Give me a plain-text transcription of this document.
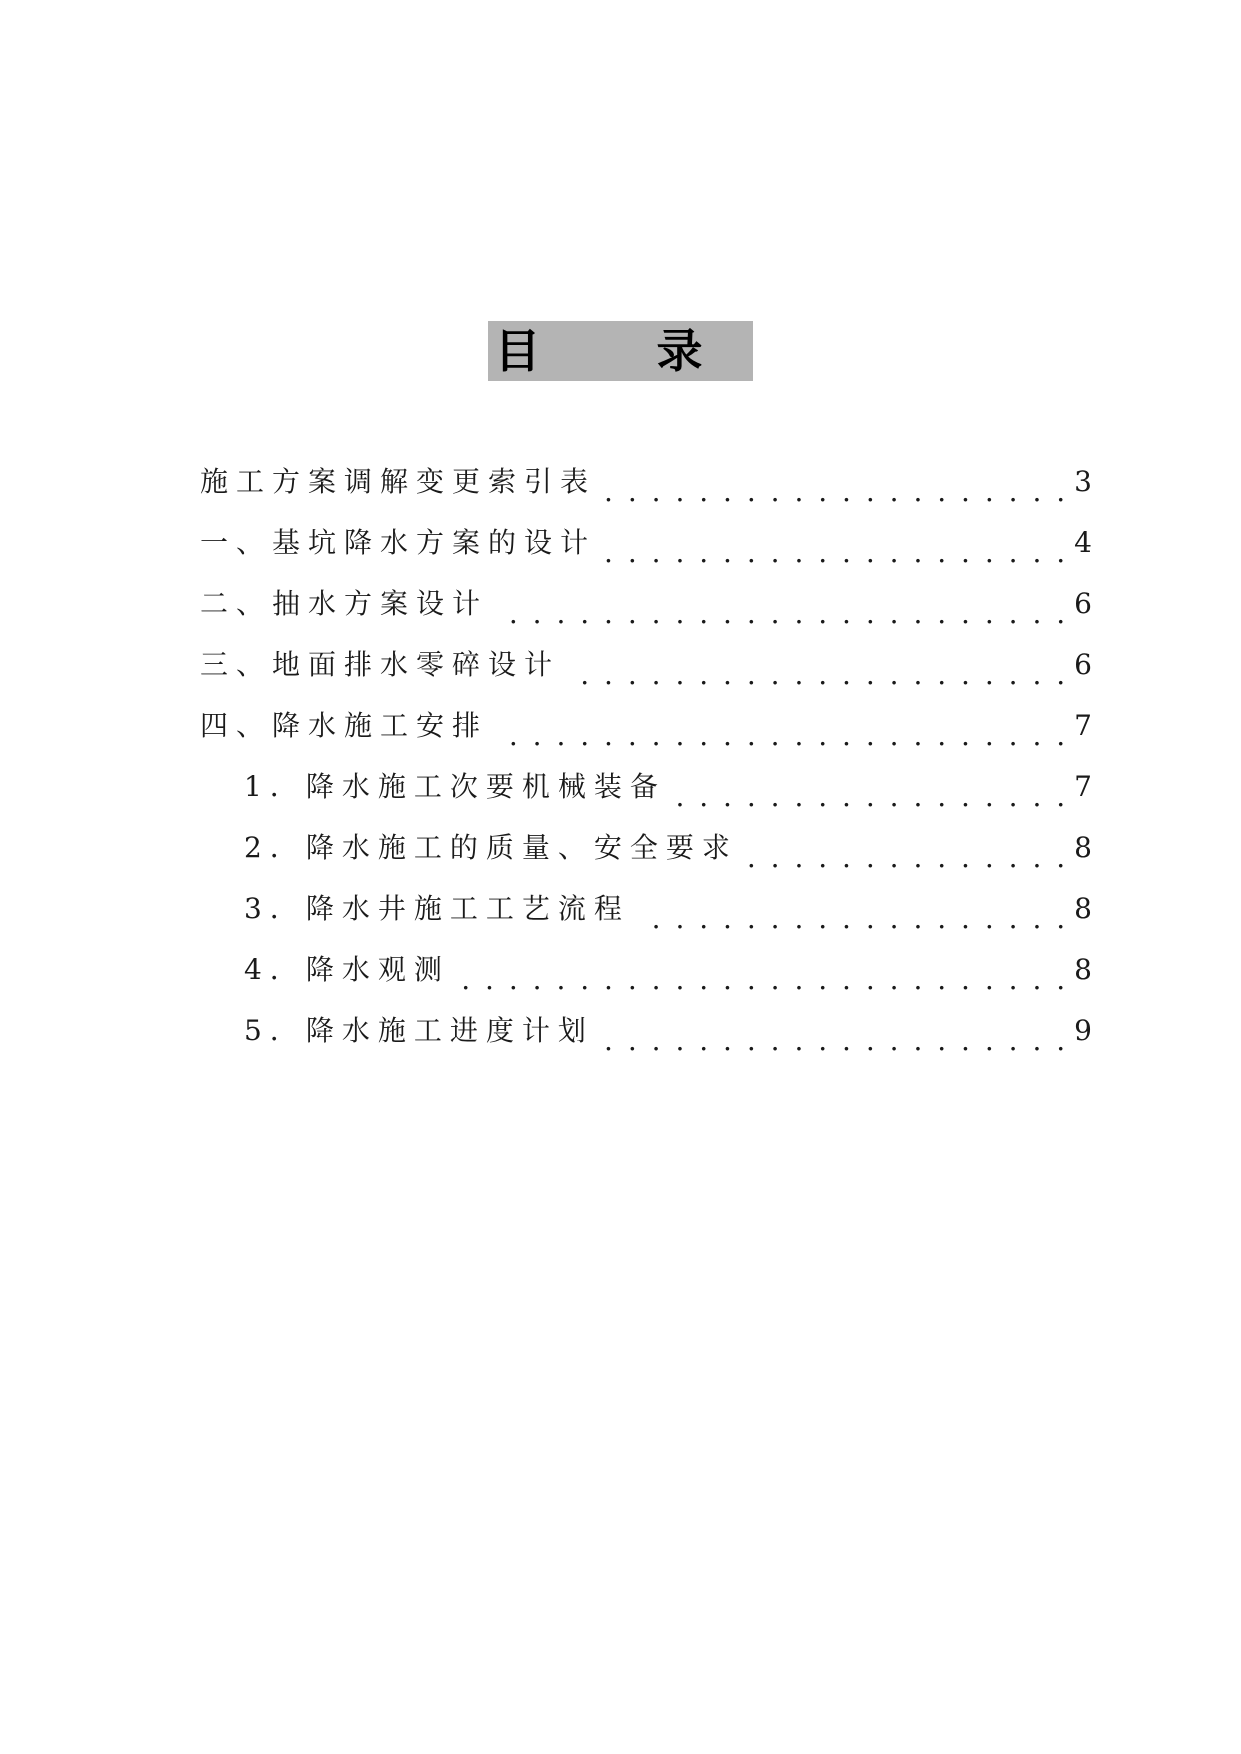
目 录
施工方案调解变更索引表 . . .	3
一、基坑降水方案的设计 . . .	4
二、抽水方案设计 . . .	6
三、地面排水零碎设计 . . .	6
四、降水施工安排 . . .	7
1．降水施工次要机械装备 . . .	7
2．降水施工的质量、安全要求 . . .	8
3．降水井施工工艺流程 . . .	8
4．降水观测 . . .	8
5．降水施工进度计划 . . .	9
